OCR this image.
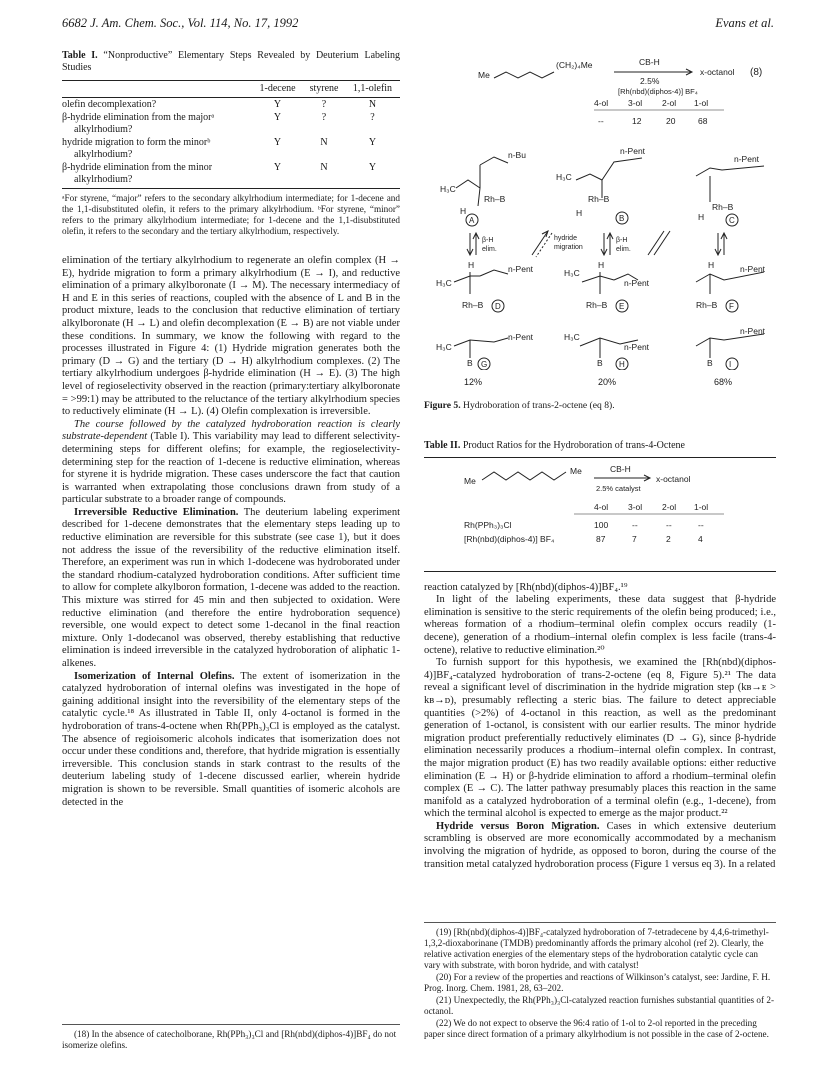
6682 J. Am. Chem. Soc., Vol. 114, No. 17, 1992	Evans et al.
Table I. “Nonproductive” Elementary Steps Revealed by Deuterium Labeling Studies
	1-decene	styrene	1,1-olefin
olefin decomplexation?	Y	?	N
β-hydride elimination from the majorᵃ alkylrhodium?	Y	?	?
hydride migration to form the minorᵇ alkylrhodium?	Y	N	Y
β-hydride elimination from the minor alkylrhodium?	Y	N	Y
ᵃFor styrene, “major” refers to the secondary alkylrhodium intermediate; for 1-decene and the 1,1-disubstituted olefin, it refers to the primary alkylrhodium. ᵇFor styrene, “minor” refers to the primary alkylrhodium intermediate; for 1-decene and the 1,1-disubstituted olefin, it refers to the secondary and the tertiary alkylrhodium, respectively.

elimination of the tertiary alkylrhodium to regenerate an olefin complex (H → E), hydride migration to form a primary alkylrhodium (E → I), and reductive elimination of a primary alkylboronate (I → M). The necessary intermediacy of H and E in this series of reactions, coupled with the absence of L and B in the product mixture, leads to the conclusion that reductive elimination of tertiary alkylboronate (H → L) and olefin decomplexation (E → B) are not viable under these conditions. In summary, we know the following with regard to the processes illustrated in Figure 4: (1) Hydride migration generates both the primary (D → G) and the tertiary (D → H) alkylrhodium complexes. (2) The tertiary alkylrhodium undergoes β-hydride elimination (H → E). (3) The high level of regioselectivity observed in the reaction (primary:tertiary alkylboronate = >99:1) may be attributed to the reluctance of the tertiary alkylrhodium species to reductively eliminate (H → L). (4) Olefin complexation is irreversible.

The course followed by the catalyzed hydroboration reaction is clearly substrate-dependent (Table I). This variability may lead to different selectivity-determining steps for different olefins; for example, the regioselectivity-determining step for the reaction of 1-decene is reductive elimination, whereas for styrene it is hydride migration. These cases underscore the fact that caution is warranted when extrapolating those conclusions drawn from study of a particular substrate to a broader range of compounds.

Irreversible Reductive Elimination. The deuterium labeling experiment described for 1-decene demonstrates that the elementary steps leading up to reductive elimination are reversible for this substrate (see case 1), but it does not address the issue of the reversibility of the reductive elimination itself. Therefore, an experiment was run in which 1-dodecene was hydroborated under the standard rhodium-catalyzed hydroboration conditions. After sufficient time to allow for complete alkylboron formation, 1-decene was added to the reaction. This mixture was stirred for 45 min and then subjected to oxidation. Were reductive elimination (and therefore the entire hydroboration sequence) reversible, one would expect to detect some 1-decanol in the final reaction mixture. Only 1-dodecanol was observed, thereby establishing that reductive elimination is indeed irreversible in the catalyzed hydroboration of aliphatic 1-alkenes.

Isomerization of Internal Olefins. The extent of isomerization in the catalyzed hydroboration of internal olefins was investigated in the hope of gaining additional insight into the reversibility of the elementary steps of the catalytic cycle.¹⁸ As illustrated in Table II, only 4-octanol is formed in the hydroboration of trans-4-octene when Rh(PPh₃)₃Cl is employed as the catalyst. The absence of regioisomeric alcohols indicates that isomerization does not occur under these conditions and, therefore, that hydride migration is essentially irreversible. This conclusion stands in stark contrast to the results of the deuterium labeling study of 1-decene discussed earlier, wherein hydride migration is shown to be reversible. Small quantities of isomeric alcohols are detected in the

(18) In the absence of catecholborane, Rh(PPh₃)₃Cl and [Rh(nbd)(diphos-4)]BF₄ do not isomerize olefins.
Me
(CH₂)₄Me	CB-H
2.5%
[Rh(nbd)(diphos-4)] BF₄
x-octanol (8)
4-ol 3-ol 2-ol 1-ol
--	12	20	68
n-Bu
H₃C
Rh–B
H
A
n-Pent
H₃C
Rh–B
H
B
n-Pent
Rh–B
H	C
β-H
elim.
hydride
migration
β-H
elim.
H
H₃C
n-Pent
Rh–B D
H
H₃C
n-Pent
Rh–B E
H	n-Pent
Rh–B F
H₃C
n-Pent
B G
H₃C
n-Pent
B H
n-Pent
B I
12%	20%	68%
Figure 5. Hydroboration of trans-2-octene (eq 8).
Table II. Product Ratios for the Hydroboration of trans-4-Octene
Me
Me	CB-H
2.5% catalyst
x-octanol
4-ol 3-ol 2-ol 1-ol
Rh(PPh₃)₃Cl	100	--	--	--
[Rh(nbd)(diphos-4)] BF₄	87	7	2	4

reaction catalyzed by [Rh(nbd)(diphos-4)]BF₄.¹⁹

In light of the labeling experiments, these data suggest that β-hydride elimination is sensitive to the steric requirements of the olefin being produced; i.e., whereas formation of a rhodium–terminal olefin complex occurs readily (1-decene), generation of a rhodium–internal olefin complex is less facile (trans-4-octene), relative to reductive elimination.²⁰

To furnish support for this hypothesis, we examined the [Rh(nbd)(diphos-4)]BF₄-catalyzed hydroboration of trans-2-octene (eq 8, Figure 5).²¹ The data reveal a significant level of discrimination in the hydride migration step (kʙ→ᴇ > kʙ→ᴅ), presumably reflecting a steric bias. The failure to detect appreciable quantities (>2%) of 4-octanol in this reaction, as well as the predominant generation of 1-octanol, is consistent with our earlier results. The minor hydride migration product preferentially reductively eliminates (D → G), since β-hydride elimination necessarily produces a rhodium–internal olefin complex. In contrast, the major migration product (E) has two readily available options: either reductive elimination (E → H) or β-hydride elimination to afford a rhodium–terminal olefin complex (E → C). The latter pathway presumably places this reaction in the same manifold as a catalyzed hydroboration of a terminal olefin (e.g., 1-decene), from which the terminal alcohol is expected to emerge as the major product.²²

Hydride versus Boron Migration. Cases in which extensive deuterium scrambling is observed are more economically accommodated by a mechanism involving the migration of hydride, as opposed to boron, during the course of the transition metal catalyzed hydroboration process (Figure 1 versus eq 3). In a related

(19) [Rh(nbd)(diphos-4)]BF₄-catalyzed hydroboration of 7-tetradecene by 4,4,6-trimethyl-1,3,2-dioxaborinane (TMDB) predominantly affords the primary alcohol (ref 2). Clearly, the relative activation energies of the elementary steps of the hydroboration catalytic cycle can vary with substrate, with boron hydride, and with catalyst!
(20) For a review of the properties and reactions of Wilkinson’s catalyst, see: Jardine, F. H. Prog. Inorg. Chem. 1981, 28, 63–202.
(21) Unexpectedly, the Rh(PPh₃)₃Cl-catalyzed reaction furnishes substantial quantities of 2-octanol.
(22) We do not expect to observe the 96:4 ratio of 1-ol to 2-ol reported in the preceding paper since direct formation of a primary alkylrhodium is not possible in the case of 2-octene.
